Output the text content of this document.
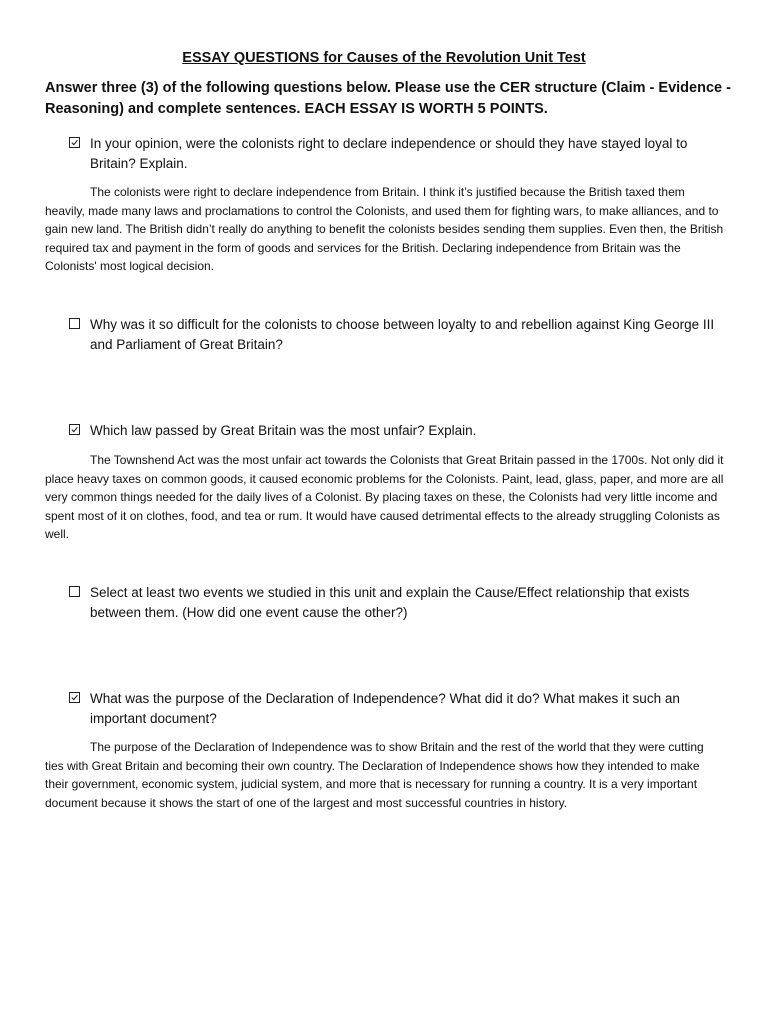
ESSAY QUESTIONS for Causes of the Revolution Unit Test
Answer three (3) of the following questions below. Please use the CER structure (Claim - Evidence - Reasoning) and complete sentences. EACH ESSAY IS WORTH 5 POINTS.
In your opinion, were the colonists right to declare independence or should they have stayed loyal to Britain? Explain.
The colonists were right to declare independence from Britain. I think it’s justified because the British taxed them heavily, made many laws and proclamations to control the Colonists, and used them for fighting wars, to make alliances, and to gain new land. The British didn’t really do anything to benefit the colonists besides sending them supplies. Even then, the British required tax and payment in the form of goods and services for the British. Declaring independence from Britain was the Colonists' most logical decision.
Why was it so difficult for the colonists to choose between loyalty to and rebellion against King George III and Parliament of Great Britain?
Which law passed by Great Britain was the most unfair? Explain.
The Townshend Act was the most unfair act towards the Colonists that Great Britain passed in the 1700s. Not only did it place heavy taxes on common goods, it caused economic problems for the Colonists. Paint, lead, glass, paper, and more are all very common things needed for the daily lives of a Colonist. By placing taxes on these, the Colonists had very little income and spent most of it on clothes, food, and tea or rum. It would have caused detrimental effects to the already struggling Colonists as well.
Select at least two events we studied in this unit and explain the Cause/Effect relationship that exists between them. (How did one event cause the other?)
What was the purpose of the Declaration of Independence? What did it do? What makes it such an important document?
The purpose of the Declaration of Independence was to show Britain and the rest of the world that they were cutting ties with Great Britain and becoming their own country. The Declaration of Independence shows how they intended to make their government, economic system, judicial system, and more that is necessary for running a country. It is a very important document because it shows the start of one of the largest and most successful countries in history.
